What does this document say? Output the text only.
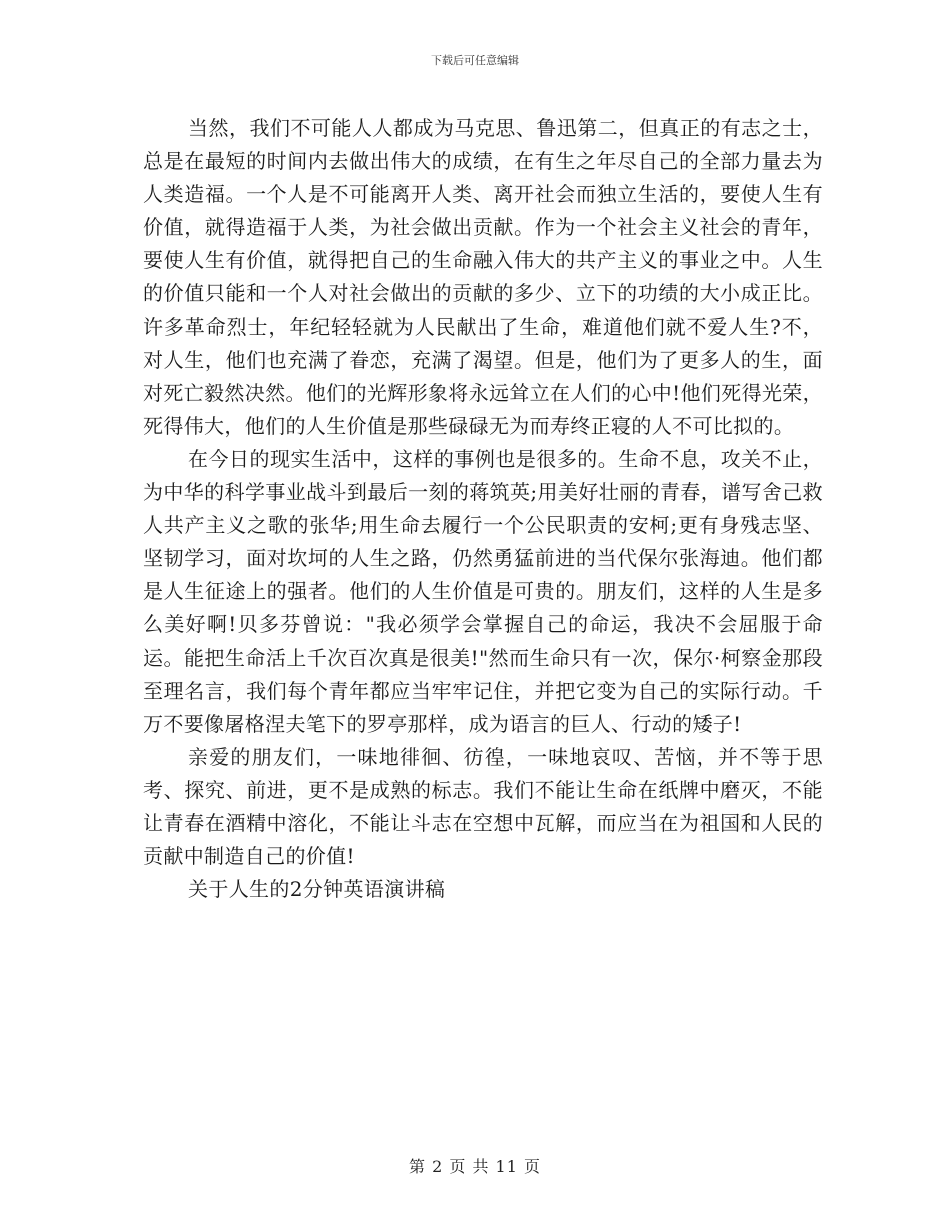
下载后可任意编辑

当然，我们不可能人人都成为马克思、鲁迅第二，但真正的有志之士，总是在最短的时间内去做出伟大的成绩，在有生之年尽自己的全部力量去为人类造福。一个人是不可能离开人类、离开社会而独立生活的，要使人生有价值，就得造福于人类，为社会做出贡献。作为一个社会主义社会的青年，要使人生有价值，就得把自己的生命融入伟大的共产主义的事业之中。人生的价值只能和一个人对社会做出的贡献的多少、立下的功绩的大小成正比。许多革命烈士，年纪轻轻就为人民献出了生命，难道他们就不爱人生?不，对人生，他们也充满了眷恋，充满了渴望。但是，他们为了更多人的生，面对死亡毅然决然。他们的光辉形象将永远耸立在人们的心中!他们死得光荣，死得伟大，他们的人生价值是那些碌碌无为而寿终正寝的人不可比拟的。

在今日的现实生活中，这样的事例也是很多的。生命不息，攻关不止，为中华的科学事业战斗到最后一刻的蒋筑英;用美好壮丽的青春，谱写舍己救人共产主义之歌的张华;用生命去履行一个公民职责的安柯;更有身残志坚、坚韧学习，面对坎坷的人生之路，仍然勇猛前进的当代保尔张海迪。他们都是人生征途上的强者。他们的人生价值是可贵的。朋友们，这样的人生是多么美好啊!贝多芬曾说："我必须学会掌握自己的命运，我决不会屈服于命运。能把生命活上千次百次真是很美!"然而生命只有一次，保尔·柯察金那段至理名言，我们每个青年都应当牢牢记住，并把它变为自己的实际行动。千万不要像屠格涅夫笔下的罗亭那样，成为语言的巨人、行动的矮子!

亲爱的朋友们，一味地徘徊、彷徨，一味地哀叹、苦恼，并不等于思考、探究、前进，更不是成熟的标志。我们不能让生命在纸牌中磨灭，不能让青春在酒精中溶化，不能让斗志在空想中瓦解，而应当在为祖国和人民的贡献中制造自己的价值!

关于人生的2分钟英语演讲稿

第 2 页 共 11 页
